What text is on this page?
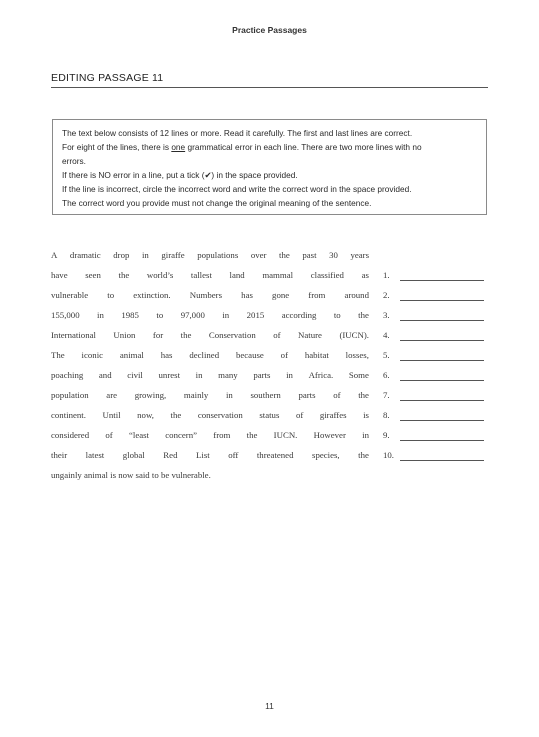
Practice Passages
EDITING PASSAGE 11
The text below consists of 12 lines or more. Read it carefully. The first and last lines are correct.
For eight of the lines, there is one grammatical error in each line. There are two more lines with no
errors.
If there is NO error in a line, put a tick (✔) in the space provided.
If the line is incorrect, circle the incorrect word and write the correct word in the space provided.
The correct word you provide must not change the original meaning of the sentence.
A dramatic drop in giraffe populations over the past 30 years
have seen the world’s tallest land mammal classified as 1.
vulnerable to extinction. Numbers has gone from around 2.
155,000 in 1985 to 97,000 in 2015 according to the 3.
International Union for the Conservation of Nature (IUCN). 4.
The iconic animal has declined because of habitat losses, 5.
poaching and civil unrest in many parts in Africa. Some 6.
population are growing, mainly in southern parts of the 7.
continent. Until now, the conservation status of giraffes is 8.
considered of “least concern” from the IUCN. However in 9.
their latest global Red List off threatened species, the 10.
ungainly animal is now said to be vulnerable.
11
